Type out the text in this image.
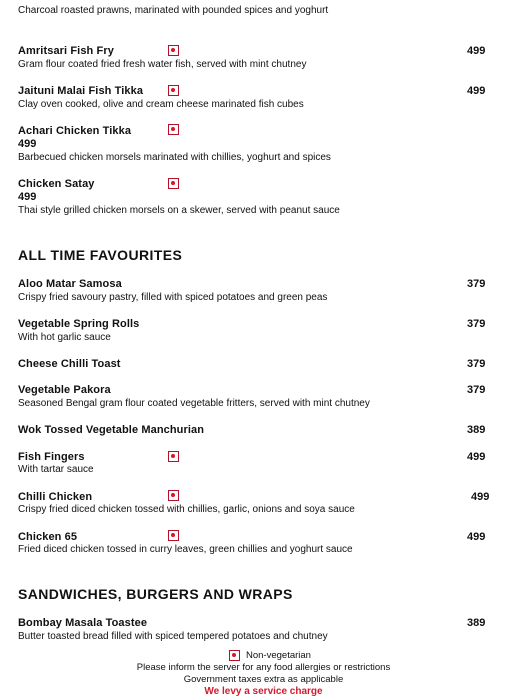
Charcoal roasted prawns, marinated with pounded spices and yoghurt
Amritsari Fish Fry	499
Gram flour coated fried fresh water fish, served with mint chutney
Jaituni Malai Fish Tikka	499
Clay oven cooked, olive and cream cheese marinated fish cubes
Achari Chicken Tikka
499
Barbecued chicken morsels marinated with chillies, yoghurt and spices
Chicken Satay
499
Thai style grilled chicken morsels on a skewer, served with peanut sauce
ALL TIME FAVOURITES
Aloo Matar Samosa	379
Crispy fried savoury pastry, filled with spiced potatoes and green peas
Vegetable Spring Rolls	379
With hot garlic sauce
Cheese Chilli Toast	379
Vegetable Pakora	379
Seasoned Bengal gram flour coated vegetable fritters, served with mint chutney
Wok Tossed Vegetable Manchurian	389
Fish Fingers	499
With tartar sauce
Chilli Chicken	499
Crispy fried diced chicken tossed with chillies, garlic, onions and soya sauce
Chicken 65	499
Fried diced chicken tossed in curry leaves, green chillies and yoghurt sauce
SANDWICHES, BURGERS AND WRAPS
Bombay Masala Toastee	389
Butter toasted bread filled with spiced tempered potatoes and chutney
Non-vegetarian
Please inform the server for any food allergies or restrictions
Government taxes extra as applicable
We levy a service charge
